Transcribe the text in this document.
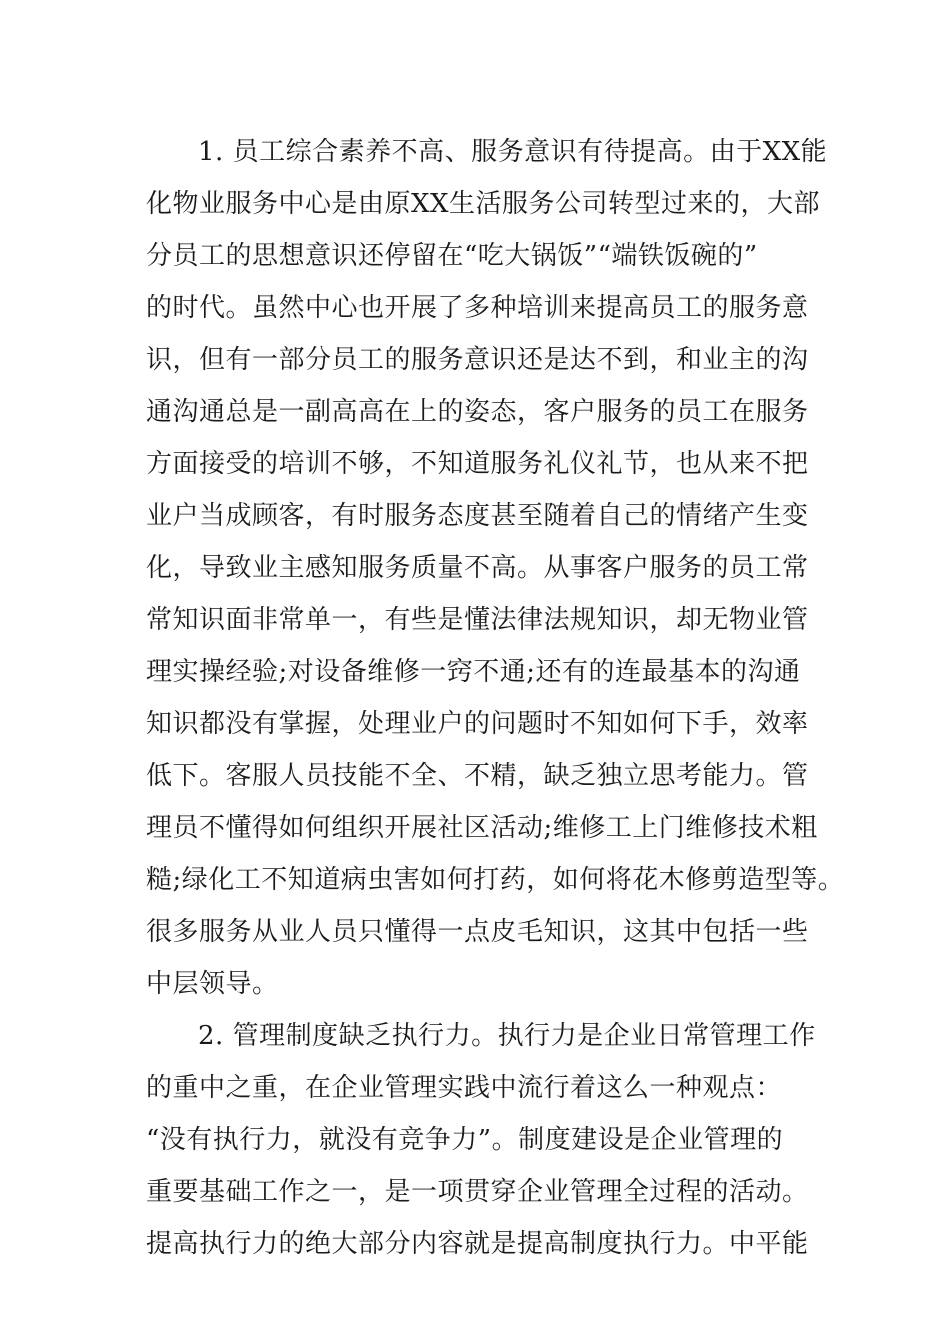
1. 员工综合素养不高、服务意识有待提高。由于XX能
化物业服务中心是由原XX生活服务公司转型过来的，大部
分员工的思想意识还停留在“吃大锅饭”“端铁饭碗的”
的时代。虽然中心也开展了多种培训来提高员工的服务意
识，但有一部分员工的服务意识还是达不到，和业主的沟
通沟通总是一副高高在上的姿态，客户服务的员工在服务
方面接受的培训不够，不知道服务礼仪礼节，也从来不把
业户当成顾客，有时服务态度甚至随着自己的情绪产生变
化，导致业主感知服务质量不高。从事客户服务的员工常
常知识面非常单一，有些是懂法律法规知识，却无物业管
理实操经验;对设备维修一窍不通;还有的连最基本的沟通
知识都没有掌握，处理业户的问题时不知如何下手，效率
低下。客服人员技能不全、不精，缺乏独立思考能力。管
理员不懂得如何组织开展社区活动;维修工上门维修技术粗
糙;绿化工不知道病虫害如何打药，如何将花木修剪造型等。
很多服务从业人员只懂得一点皮毛知识，这其中包括一些
中层领导。
2. 管理制度缺乏执行力。执行力是企业日常管理工作
的重中之重，在企业管理实践中流行着这么一种观点：
“没有执行力，就没有竞争力”。制度建设是企业管理的
重要基础工作之一，是一项贯穿企业管理全过程的活动。
提高执行力的绝大部分内容就是提高制度执行力。中平能
